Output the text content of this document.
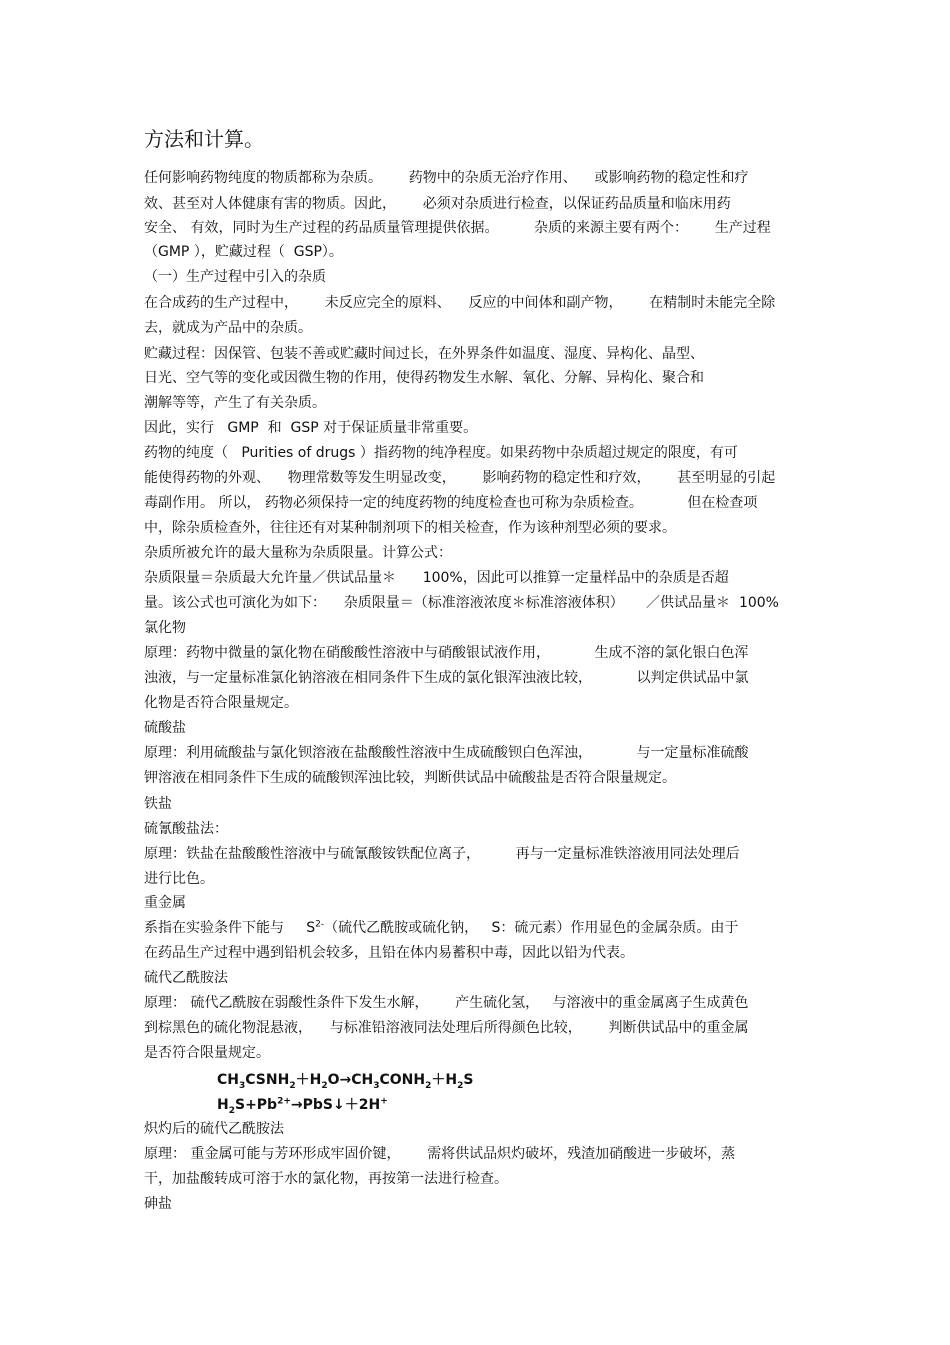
方法和计算。
任何影响药物纯度的物质都称为杂质。      药物中的杂质无治疗作用、    或影响药物的稳定性和疗
效、甚至对人体健康有害的物质。因此，      必须对杂质进行检查，以保证药品质量和临床用药
安全、 有效，同时为生产过程的药品质量管理提供依据。        杂质的来源主要有两个：      生产过程
（GMP ），贮藏过程（  GSP）。
（一）生产过程中引入的杂质
在合成药的生产过程中，      未反应完全的原料、    反应的中间体和副产物，      在精制时未能完全除
去，就成为产品中的杂质。
贮藏过程：因保管、包装不善或贮藏时间过长，在外界条件如温度、湿度、异构化、晶型、
日光、空气等的变化或因微生物的作用，使得药物发生水解、氧化、分解、异构化、聚合和
潮解等等，产生了有关杂质。
因此，实行   GMP  和  GSP 对于保证质量非常重要。
药物的纯度（   Purities of drugs ）指药物的纯净程度。如果药物中杂质超过规定的限度，有可
能使得药物的外观、    物理常数等发生明显改变，      影响药物的稳定性和疗效，      甚至明显的引起
毒副作用。 所以， 药物必须保持一定的纯度药物的纯度检查也可称为杂质检查。          但在检查项
中，除杂质检查外，往往还有对某种制剂项下的相关检查，作为该种剂型必须的要求。
杂质所被允许的最大量称为杂质限量。计算公式：
杂质限量＝杂质最大允许量／供试品量＊      100%，因此可以推算一定量样品中的杂质是否超
量。该公式也可演化为如下：    杂质限量＝（标准溶液浓度＊标准溶液体积）     ／供试品量＊  100%
氯化物
原理：药物中微量的氯化物在硝酸酸性溶液中与硝酸银试液作用，          生成不溶的氯化银白色浑
浊液，与一定量标准氯化钠溶液在相同条件下生成的氯化银浑浊液比较，          以判定供试品中氯
化物是否符合限量规定。
硫酸盐
原理：利用硫酸盐与氯化钡溶液在盐酸酸性溶液中生成硫酸钡白色浑浊，          与一定量标准硫酸
钾溶液在相同条件下生成的硫酸钡浑浊比较，判断供试品中硫酸盐是否符合限量规定。
铁盐
硫氰酸盐法：
原理：铁盐在盐酸酸性溶液中与硫氰酸铵铁配位离子，        再与一定量标准铁溶液用同法处理后
进行比色。
重金属
系指在实验条件下能与     $S^{2-}$（硫代乙酰胺或硫化钠，   S：硫元素）作用显色的金属杂质。由于
在药品生产过程中遇到铅机会较多，且铅在体内易蓄积中毒，因此以铅为代表。
硫代乙酰胺法
原理： 硫代乙酰胺在弱酸性条件下发生水解，      产生硫化氢，   与溶液中的重金属离子生成黄色
到棕黑色的硫化物混悬液，    与标准铅溶液同法处理后所得颜色比较，      判断供试品中的重金属
是否符合限量规定。
$CH_3CSNH_2+H_2O\to CH_3CONH_2+H_2S$
$H_2S+Pb^{2+}\to PbS↓+2H^+$
炽灼后的硫代乙酰胺法
原理： 重金属可能与芳环形成牢固价键，      需将供试品炽灼破坏，残渣加硝酸进一步破坏，蒸
干，加盐酸转成可溶于水的氯化物，再按第一法进行检查。
砷盐
